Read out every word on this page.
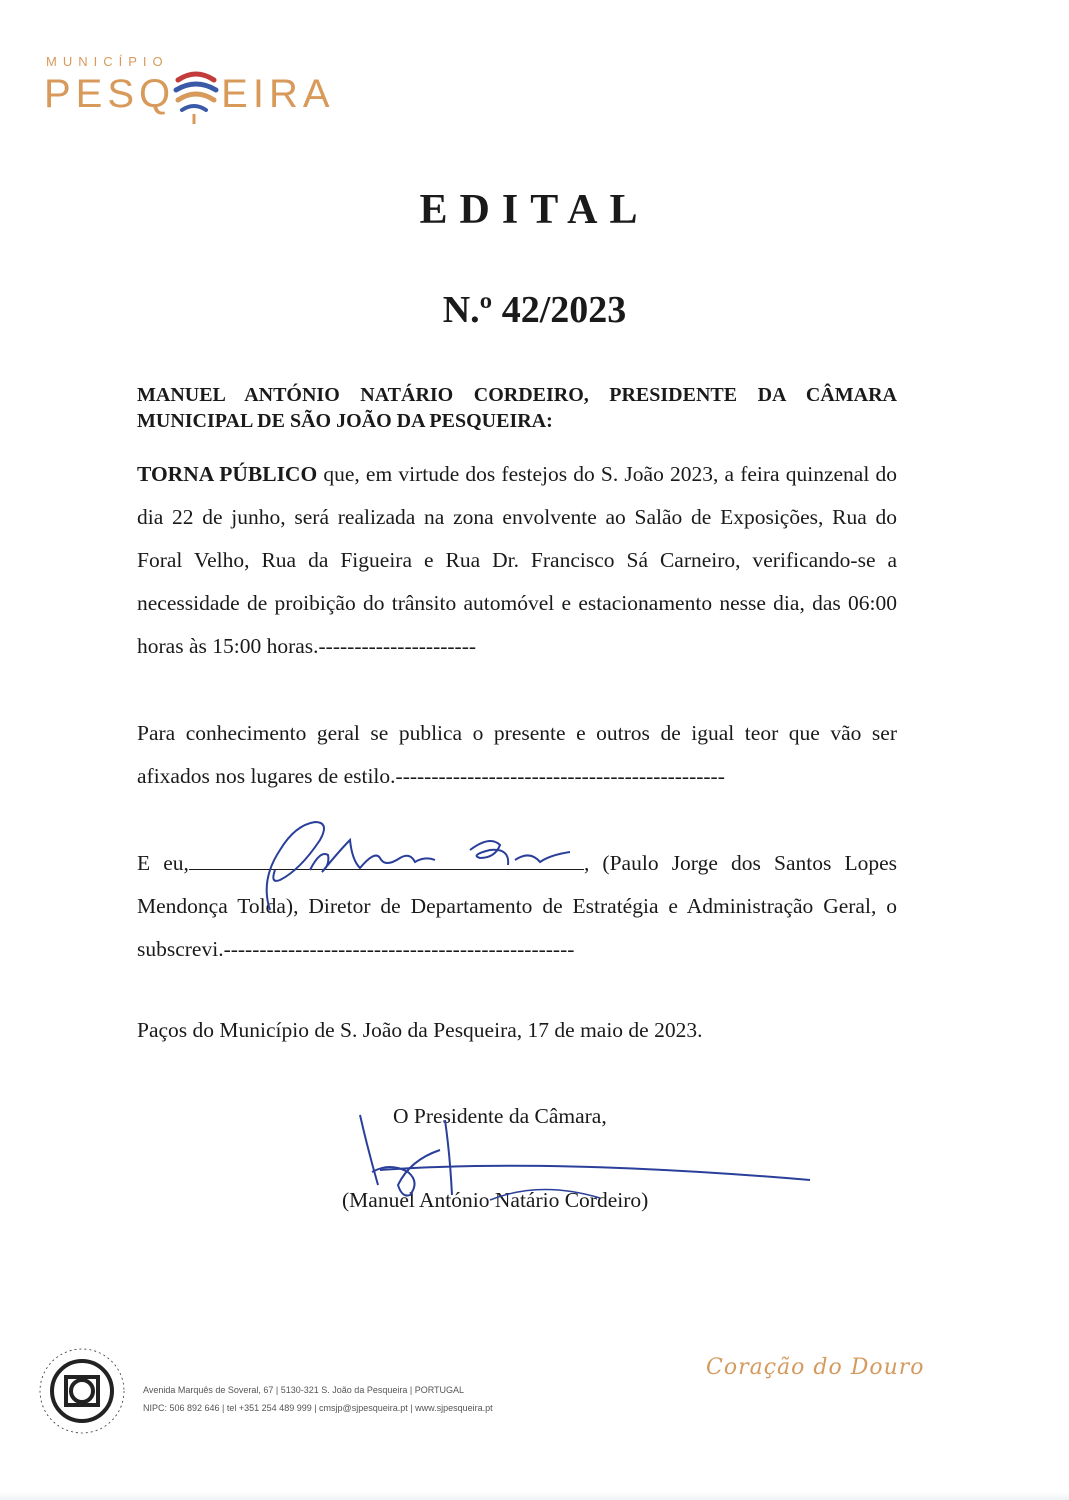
MUNICÍPIO
PESQ EIRA
EDITAL
N.º 42/2023
MANUEL ANTÓNIO NATÁRIO CORDEIRO, PRESIDENTE DA CÂMARA MUNICIPAL DE SÃO JOÃO DA PESQUEIRA:
TORNA PÚBLICO que, em virtude dos festejos do S. João 2023, a feira quinzenal do dia 22 de junho, será realizada na zona envolvente ao Salão de Exposições, Rua do Foral Velho, Rua da Figueira e Rua Dr. Francisco Sá Carneiro, verificando-se a necessidade de proibição do trânsito automóvel e estacionamento nesse dia, das 06:00 horas às 15:00 horas.----------------------
Para conhecimento geral se publica o presente e outros de igual teor que vão ser afixados nos lugares de estilo.----------------------------------------------
E eu,	, (Paulo Jorge dos Santos Lopes Mendonça Tolda), Diretor de Departamento de Estratégia e Administração Geral, o subscrevi.-------------------------------------------------
Paços do Município de S. João da Pesqueira, 17 de maio de 2023.
O Presidente da Câmara,
(Manuel António Natário Cordeiro)
Avenida Marquês de Soveral, 67 | 5130-321 S. João da Pesqueira | PORTUGAL
NIPC: 506 892 646 | tel +351 254 489 999 | cmsjp@sjpesqueira.pt | www.sjpesqueira.pt
Coração do Douro
